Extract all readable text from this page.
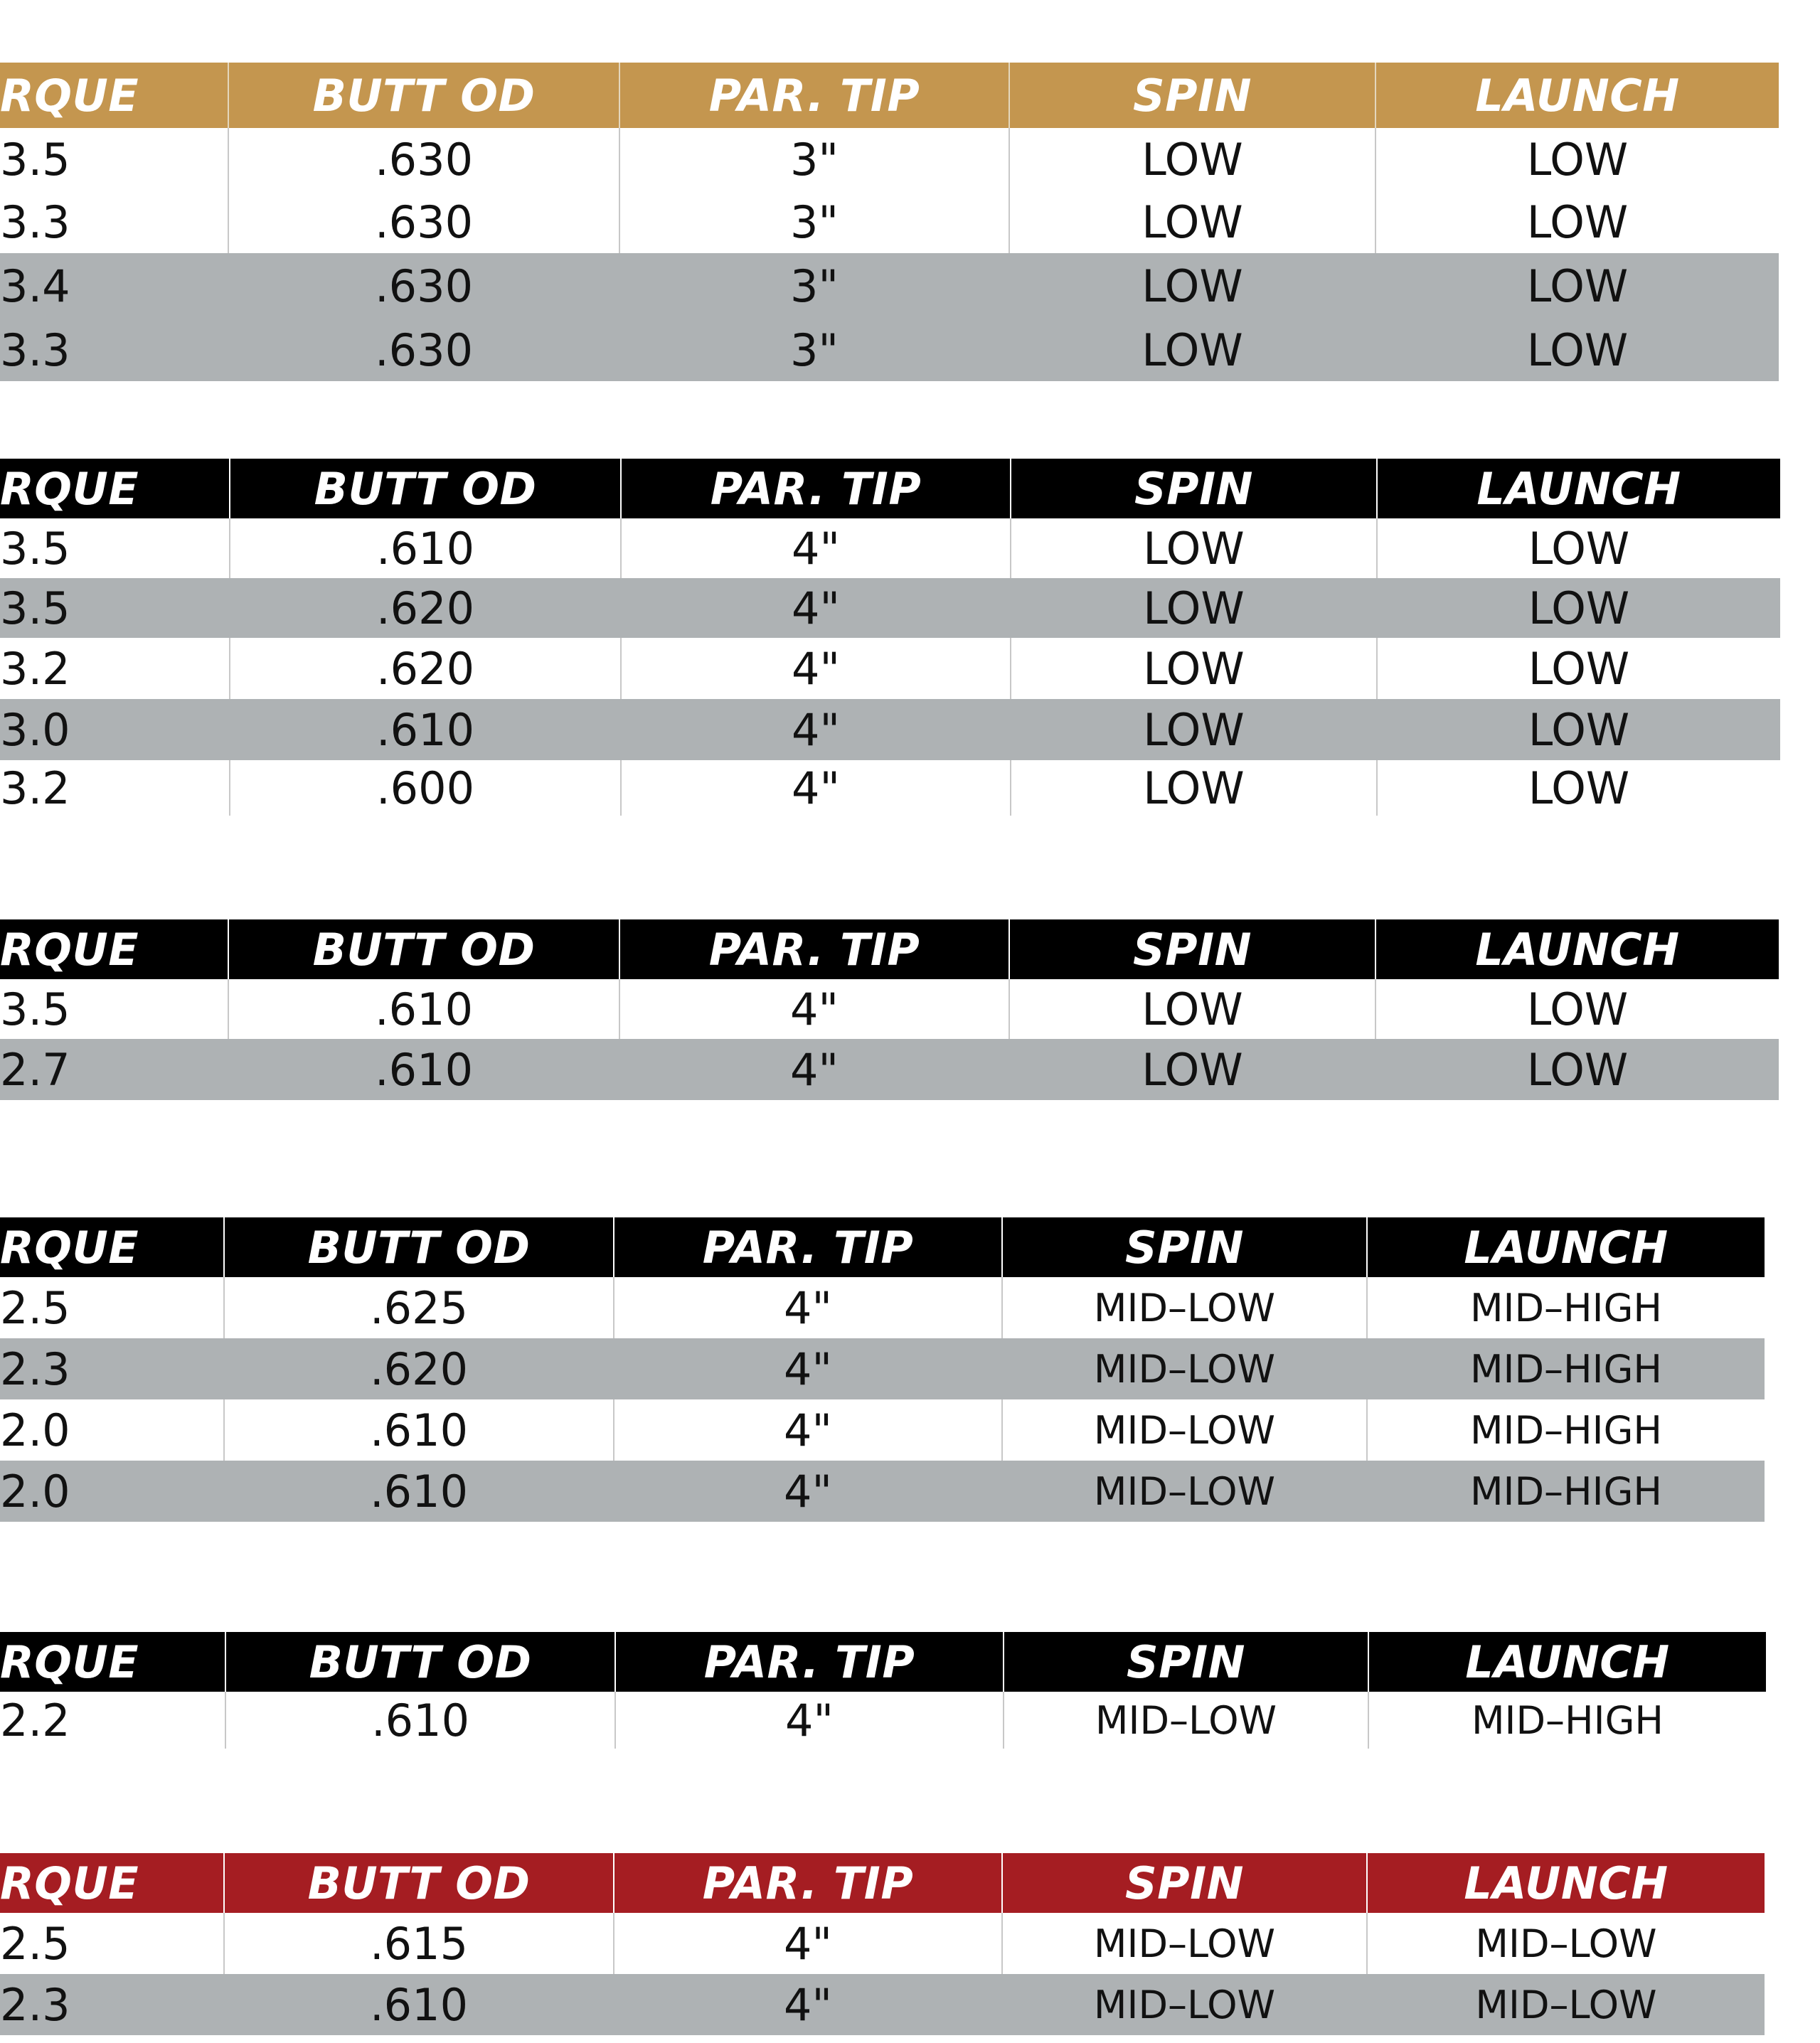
RQUE	BUTT OD	PAR. TIP	SPIN	LAUNCH
3.5	.630	3"	LOW	LOW
3.3	.630	3"	LOW	LOW
3.4	.630	3"	LOW	LOW
3.3	.630	3"	LOW	LOW
RQUE	BUTT OD	PAR. TIP	SPIN	LAUNCH
3.5	.610	4"	LOW	LOW
3.5	.620	4"	LOW	LOW
3.2	.620	4"	LOW	LOW
3.0	.610	4"	LOW	LOW
3.2	.600	4"	LOW	LOW
RQUE	BUTT OD	PAR. TIP	SPIN	LAUNCH
3.5	.610	4"	LOW	LOW
2.7	.610	4"	LOW	LOW
RQUE	BUTT OD	PAR. TIP	SPIN	LAUNCH
2.5	.625	4"	MID–LOW	MID–HIGH
2.3	.620	4"	MID–LOW	MID–HIGH
2.0	.610	4"	MID–LOW	MID–HIGH
2.0	.610	4"	MID–LOW	MID–HIGH
RQUE	BUTT OD	PAR. TIP	SPIN	LAUNCH
2.2	.610	4"	MID–LOW	MID–HIGH
RQUE	BUTT OD	PAR. TIP	SPIN	LAUNCH
2.5	.615	4"	MID–LOW	MID–LOW
2.3	.610	4"	MID–LOW	MID–LOW
